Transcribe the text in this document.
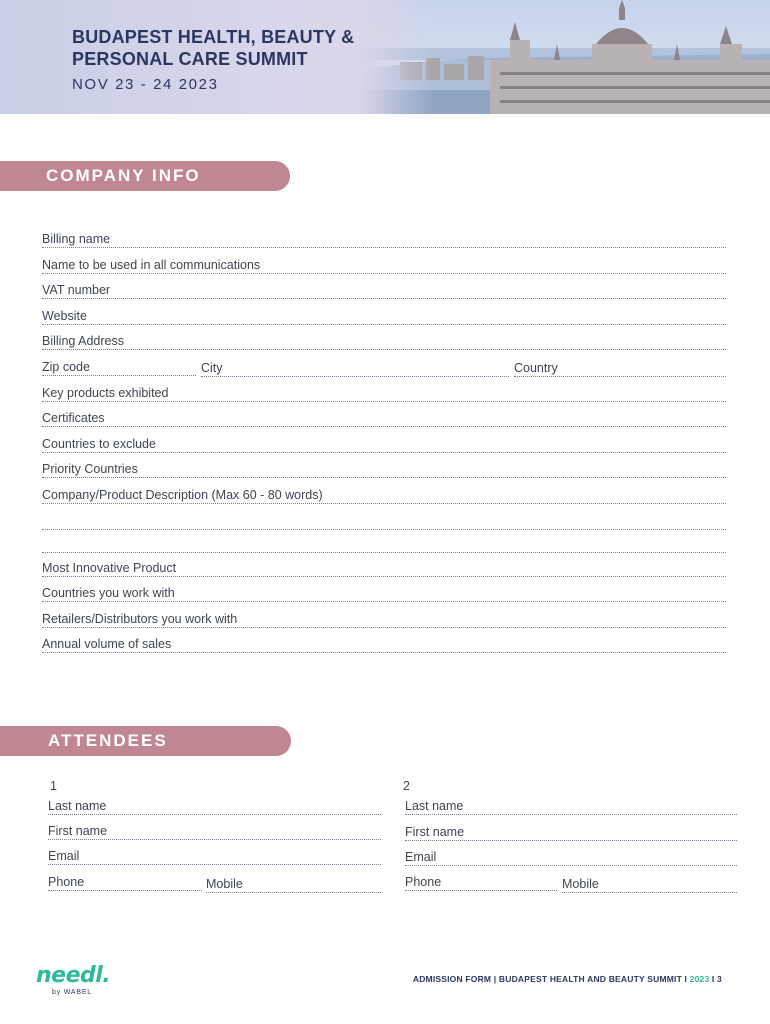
BUDAPEST HEALTH, BEAUTY & PERSONAL CARE SUMMIT
NOV 23 - 24 2023
COMPANY INFO
Billing name
Name to be used in all communications
VAT number
Website
Billing Address
Zip code	City	Country
Key products exhibited
Certificates
Countries to exclude
Priority Countries
Company/Product Description (Max 60 - 80 words)
Most Innovative Product
Countries you work with
Retailers/Distributors you work with
Annual volume of sales
ATTENDEES
1
Last name
First name
Email
Phone	Mobile
2
Last name
First name
Email
Phone	Mobile
needl.
by WABEL
ADMISSION FORM | BUDAPEST HEALTH AND BEAUTY SUMMIT I 2023 I 3
